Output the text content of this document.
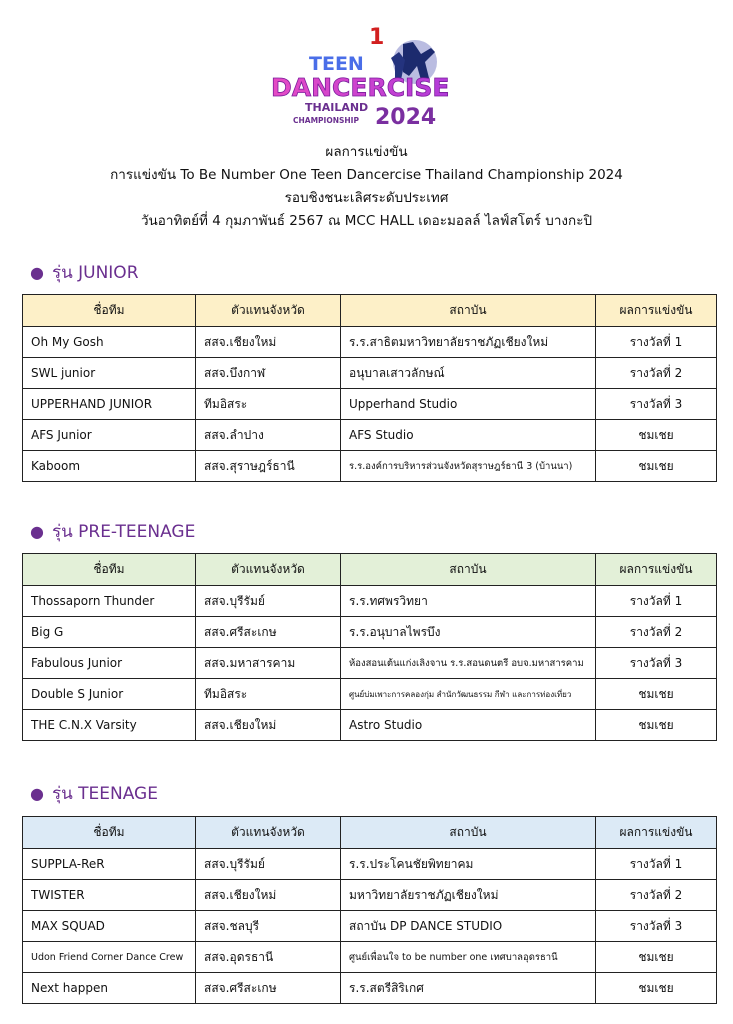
1
TEEN
DANCERCISE
THAILAND
CHAMPIONSHIP 2024
ผลการแข่งขัน
การแข่งขัน To Be Number One Teen Dancercise Thailand Championship 2024
รอบชิงชนะเลิศระดับประเทศ
วันอาทิตย์ที่ 4 กุมภาพันธ์ 2567 ณ MCC HALL เดอะมอลล์ ไลฟ์สโตร์ บางกะปิ
● รุ่น JUNIOR
ชื่อทีม	ตัวแทนจังหวัด	สถาบัน	ผลการแข่งขัน
Oh My Gosh	สสจ.เชียงใหม่	ร.ร.สาธิตมหาวิทยาลัยราชภัฏเชียงใหม่	รางวัลที่ 1
SWL junior	สสจ.บึงกาฬ	อนุบาลเสาวลักษณ์	รางวัลที่ 2
UPPERHAND JUNIOR	ทีมอิสระ	Upperhand Studio	รางวัลที่ 3
AFS Junior	สสจ.ลำปาง	AFS Studio	ชมเชย
Kaboom	สสจ.สุราษฎร์ธานี	ร.ร.องค์การบริหารส่วนจังหวัดสุราษฎร์ธานี 3 (บ้านนา)	ชมเชย
● รุ่น PRE-TEENAGE
ชื่อทีม	ตัวแทนจังหวัด	สถาบัน	ผลการแข่งขัน
Thossaporn Thunder	สสจ.บุรีรัมย์	ร.ร.ทศพรวิทยา	รางวัลที่ 1
Big G	สสจ.ศรีสะเกษ	ร.ร.อนุบาลไพรบึง	รางวัลที่ 2
Fabulous Junior	สสจ.มหาสารคาม	ห้องสอนเต้นแก่งเลิงจาน ร.ร.สอนดนตรี อบจ.มหาสารคาม	รางวัลที่ 3
Double S Junior	ทีมอิสระ	ศูนย์บ่มเพาะการคลองกุ่ม สำนักวัฒนธรรม กีฬา และการท่องเที่ยว	ชมเชย
THE C.N.X Varsity	สสจ.เชียงใหม่	Astro Studio	ชมเชย
● รุ่น TEENAGE
ชื่อทีม	ตัวแทนจังหวัด	สถาบัน	ผลการแข่งขัน
SUPPLA-ReR	สสจ.บุรีรัมย์	ร.ร.ประโคนชัยพิทยาคม	รางวัลที่ 1
TWISTER	สสจ.เชียงใหม่	มหาวิทยาลัยราชภัฏเชียงใหม่	รางวัลที่ 2
MAX SQUAD	สสจ.ชลบุรี	สถาบัน DP DANCE STUDIO	รางวัลที่ 3
Udon Friend Corner Dance Crew	สสจ.อุดรธานี	ศูนย์เพื่อนใจ to be number one เทศบาลอุดรธานี	ชมเชย
Next happen	สสจ.ศรีสะเกษ	ร.ร.สตรีสิริเกศ	ชมเชย
